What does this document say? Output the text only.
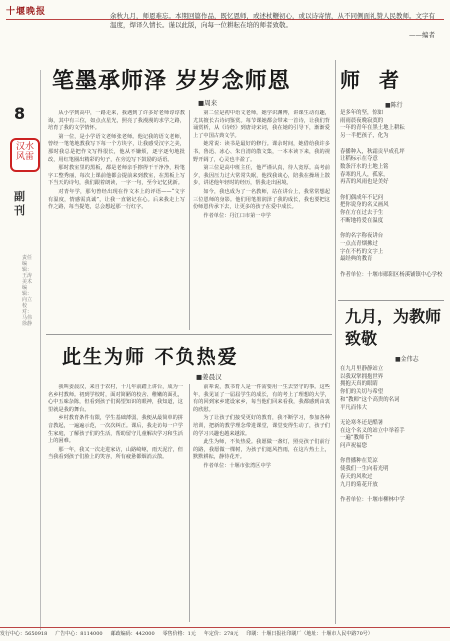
十堰晚报	余秋九月，师恩难忘。本期回篇作品，既忆恩师，或述杖鞭初心，或以诗寄情，从不同侧面礼赞人民教师。文字有温度，焊译久情长。谨以此版，向每一位耕耘在培的师者致敬。
——编者
8
汉水风雷
副刊
责任编辑：王涛 美术编辑：向立 校对：马伟 徐静
笔墨承师泽 岁岁念师恩
■周来

从小学到高中，一路走来，我遇到了许多好老师谆谆教诲，其中有三位，如点点星光，照亮了我漫漫的求学之路，培育了我的文学情怀。

第一位，是小学语文老师张老师。他记我的语文老师，曾经一笔笔地教我写下每一个方块字，让我感受汉字之美，那时我总是把作文写得很长，他从不嫌烦，逐字逐句地批改，用红笔圈出精彩的句子，在旁边写下鼓励的话语。

那时教室里的黑板，都是老师亲手擦得干干净净，粉笔字工整秀丽，每次上课前他都会提前来到教室，在黑板上写下当天的诗句，我们跟着朗读，一字一句，至今记忆犹新。

对青年学，那句曾经出现在作文本上的评语——“文字有温度，情感需真诚”，让我一直铭记在心。后来我走上写作之路，每当提笔，总会想起那一行红字。

第二位是初中语文老师，她学识渊博，讲课生动有趣，尤其擅长古诗词鉴赏。每节课她都会带来一首诗，让我们背诵赏析，从《诗经》到唐诗宋词，我在她的引导下，渐渐爱上了中国古典文学。

她常说：读书是最好的修行。课余时间，她借给我许多书，鲁迅、冰心、朱自清的散文集，一本本读下来，我的视野开阔了，心灵也丰盈了。

第三位是高中班主任，他严谨认真，待人宽厚。高考前夕，我因压力过大常常失眠，他找我谈心，陪我在操场上散步，讲述他年轻时的经历，帮我走出困境。

如今，我也成为了一名教师，站在讲台上，我常常想起三位恩师的身影。他们用笔墨润泽了我的成长，我也要把这份师恩传承下去，让更多的孩子在爱中成长。

作者单位：丹江口市第一中学

此生为师 不负热爱
■姜晨汉

我叫姜晨汉，来自于农村，十几年前踏上讲台，成为一名乡村教师。初到学校时，面对简陋的校舍、稚嫩的面孔，心中五味杂陈，但看到孩子们渴望知识的眼神，我知道，这里就是我的舞台。

乡村教育条件有限，学生基础薄弱，我便从最简单的拼音教起，一遍遍示范，一次次纠正。课后，我走访每一户学生家庭，了解孩子们的生活，帮助留守儿童解决学习和生活上的困难。

那一年，我又一次走进家访，山路崎岖，雨天泥泞，但当我看到孩子们脸上的笑容，所有疲惫都烟消云散。

前辈说，教书育人是一件需要用一生去坚守的事。这些年，我见证了一届届学生的成长，有的考上了理想的大学，有的回到家乡建设家乡，每当他们回来看我，我都感到由衷的欣慰。

为了让孩子们接受更好的教育，我不断学习，参加各种培训，把新的教学理念带进课堂，课堂变得生动了，孩子们的学习兴趣也越来越浓。

此生为师，不负热爱。我愿做一盏灯，照亮孩子们前行的路，我愿做一棵树，为孩子们遮风挡雨，在这片热土上，默默耕耘，静待花开。

作者单位：十堰市张湾区中学

师 者
■陈行
是多年的坚，惊如
雨雨晨夜晚寂寞的
一年的青年在黑土地上耕耘
另一半把孩子，化为

春播种入，秋霜贡早成孔坪
让稻标示在夺意
数条汗水的土地上铭
春寒的凡人，孤家，
再苦的风雨也是美好

你们偶成年不记问
把你说身的名义画风
你在方在过去于生
不断地将爱在温度

你的名字称夜讲台
一点点青烟拂过
字在不朽的文字上
最经典的教育

作者单位：十堰市郧阳区杨溪铺镇中心学校
九月，为教师致敬
■金伟志
在九月里静静站立
以我双掌拥抱世界
拥抱天真的眼睛
你们的关切与希望
和“教师”这个高贵的名词
平凡而伟大

无论寒冬还是酷暑
在这个名义的站立中举着手
一遍“教师节”
问声祝福您

你曾播种在荒凉
使我们一生向着光明
春天的风吹过
九月的菊花开放

作者单位：十堰市柳林中学
发行中心：5650918 广告中心：8114000 邮政编码：442000 零售价格：1元 年定价：278元 印刷：十堰日报社印刷厂（地址：十堰市人民中路70号）
